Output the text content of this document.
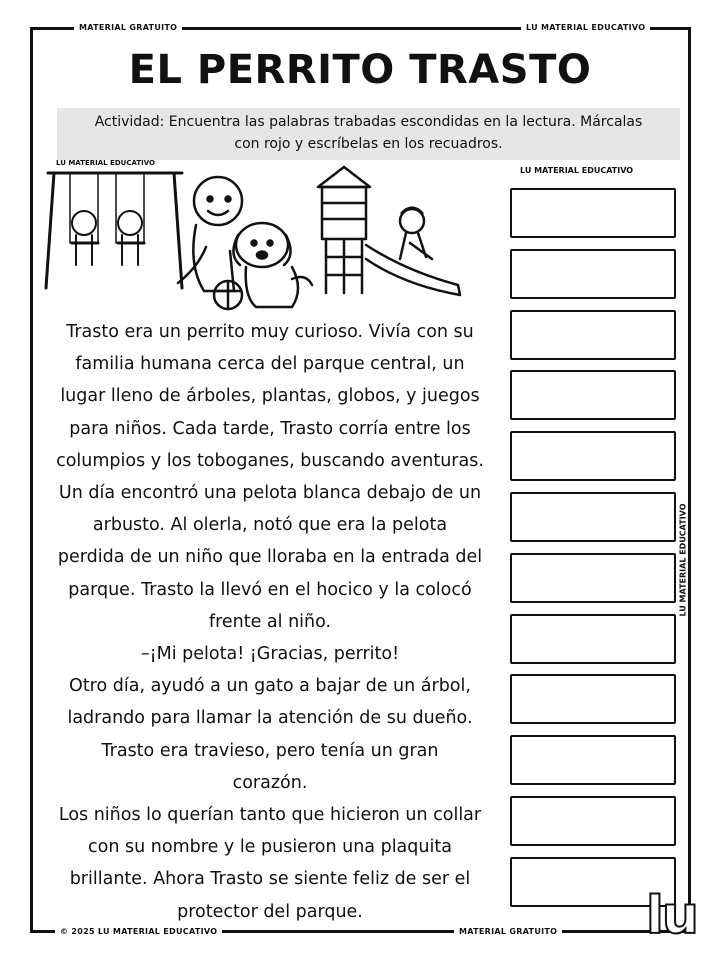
MATERIAL GRATUITO	LU MATERIAL EDUCATIVO
© 2025 LU MATERIAL EDUCATIVO	MATERIAL GRATUITO
EL PERRITO TRASTO
Actividad: Encuentra las palabras trabadas escondidas en la lectura. Márcalas
con rojo y escríbelas en los recuadros.
LU MATERIAL EDUCATIVO
LU MATERIAL EDUCATIVO

Trasto era un perrito muy curioso. Vivía con su

familia humana cerca del parque central, un

lugar lleno de árboles, plantas, globos, y juegos

para niños. Cada tarde, Trasto corría entre los

columpios y los toboganes, buscando aventuras.

Un día encontró una pelota blanca debajo de un

arbusto. Al olerla, notó que era la pelota

perdida de un niño que lloraba en la entrada del

parque. Trasto la llevó en el hocico y la colocó

frente al niño.

–¡Mi pelota! ¡Gracias, perrito!

Otro día, ayudó a un gato a bajar de un árbol,

ladrando para llamar la atención de su dueño.

Trasto era travieso, pero tenía un gran

corazón.

Los niños lo querían tanto que hicieron un collar

con su nombre y le pusieron una plaquita

brillante. Ahora Trasto se siente feliz de ser el

protector del parque.

LU MATERIAL EDUCATIVO
lu
